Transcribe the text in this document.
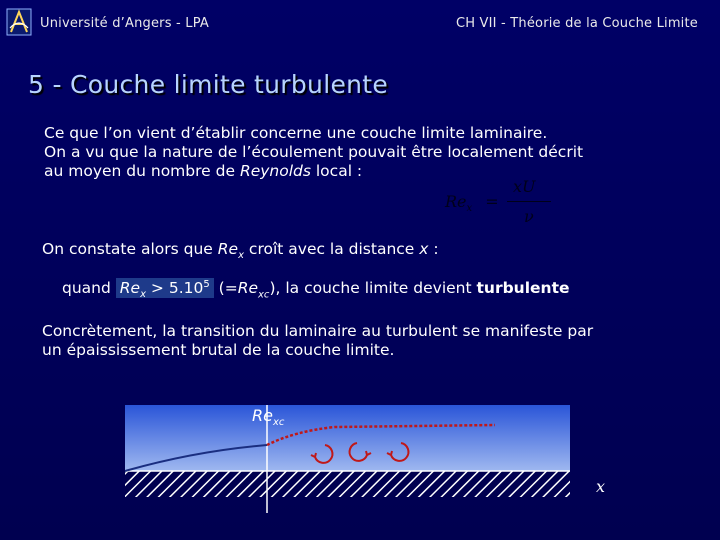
Université d’Angers - LPA	CH VII - Théorie de la Couche Limite
5 - Couche limite turbulente
Ce que l’on vient d’établir concerne une couche limite laminaire.
On a vu que la nature de l’écoulement pouvait être localement décrit
au moyen du nombre de Reynolds local :
$Re_x$ =
xU
ν
On constate alors que $Re_x$ croît avec la distance x :
quand $Re_x > 5.10^5$ $(=Re_{xc})$, la couche limite devient turbulente
Concrètement, la transition du laminaire au turbulent se manifeste par
un épaississement brutal de la couche limite.
$Re_{xc}$
x
